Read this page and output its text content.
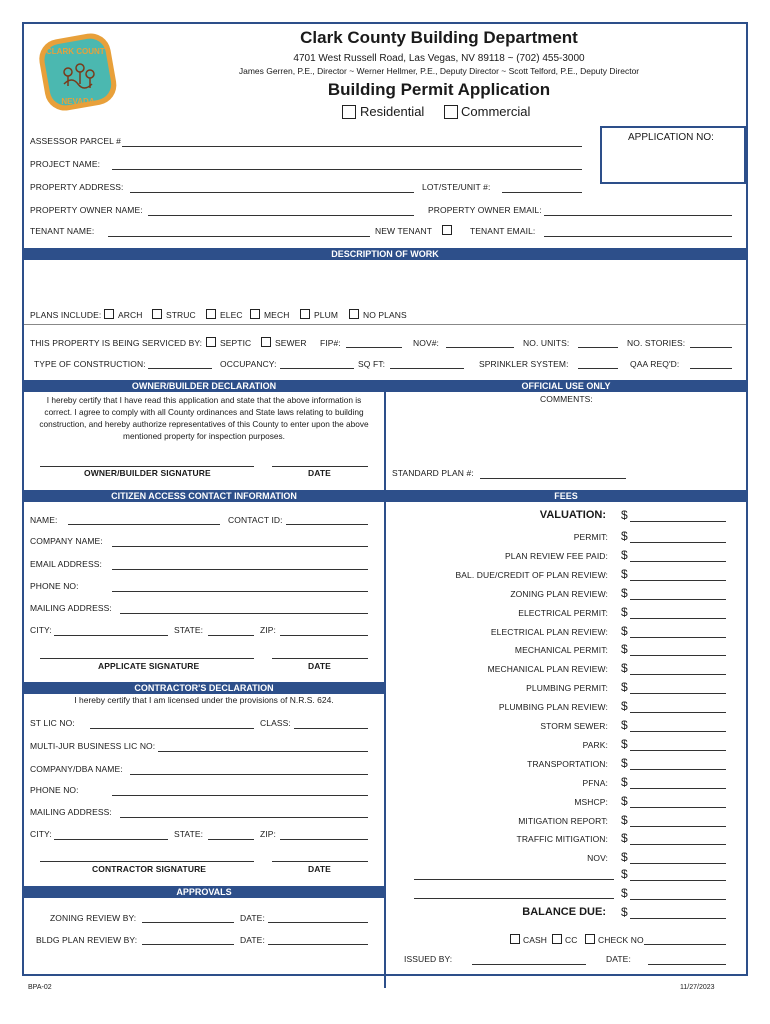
CLARK COUNTY
NEVADA
Clark County Building Department
4701 West Russell Road, Las Vegas, NV 89118 ~ (702) 455-3000
James Gerren, P.E., Director ~ Werner Hellmer, P.E., Deputy Director ~ Scott Telford, P.E., Deputy Director
Building Permit Application
Residential	Commercial
APPLICATION NO:
ASSESSOR PARCEL #
PROJECT NAME:
PROPERTY ADDRESS:	LOT/STE/UNIT #:
PROPERTY OWNER NAME:	PROPERTY OWNER EMAIL:
TENANT NAME:	NEW TENANT	TENANT EMAIL:
DESCRIPTION OF WORK
PLANS INCLUDE: ARCH	STRUC	ELEC	MECH	PLUM	NO PLANS
THIS PROPERTY IS BEING SERVICED BY: SEPTIC	SEWER FIP#:	NOV#:	NO. UNITS:	NO. STORIES:
TYPE OF CONSTRUCTION:	OCCUPANCY:	SQ FT:	SPRINKLER SYSTEM:	QAA REQ'D:
OWNER/BUILDER DECLARATION	OFFICIAL USE ONLY
I hereby certify that I have read this application and state that the above information is correct. I agree to comply with all County ordinances and State laws relating to building construction, and hereby authorize representatives of this County to enter upon the above mentioned property for inspection purposes.
OWNER/BUILDER SIGNATURE	DATE
COMMENTS:
STANDARD PLAN #:
CITIZEN ACCESS CONTACT INFORMATION	FEES
NAME:	CONTACT ID:
COMPANY NAME:
EMAIL ADDRESS:
PHONE NO:
MAILING ADDRESS:
CITY:	STATE:	ZIP:
APPLICATE SIGNATURE	DATE
CONTRACTOR'S DECLARATION
I hereby certify that I am licensed under the provisions of N.R.S. 624.
ST LIC NO:	CLASS:
MULTI-JUR BUSINESS LIC NO:
COMPANY/DBA NAME:
PHONE NO:
MAILING ADDRESS:
CITY:	STATE:	ZIP:
CONTRACTOR SIGNATURE	DATE
APPROVALS
ZONING REVIEW BY:	DATE:
BLDG PLAN REVIEW BY:	DATE:
VALUATION: $
PERMIT: $
PLAN REVIEW FEE PAID: $
BAL. DUE/CREDIT OF PLAN REVIEW: $
ZONING PLAN REVIEW: $
ELECTRICAL PERMIT: $
ELECTRICAL PLAN REVIEW: $
MECHANICAL PERMIT: $
MECHANICAL PLAN REVIEW: $
PLUMBING PERMIT: $
PLUMBING PLAN REVIEW: $
STORM SEWER: $
PARK: $
TRANSPORTATION: $
PFNA: $
MSHCP: $
MITIGATION REPORT: $
TRAFFIC MITIGATION: $
NOV: $
$
$
BALANCE DUE: $
CASH CC CHECK NO
ISSUED BY:	DATE:
BPA-02	11/27/2023
